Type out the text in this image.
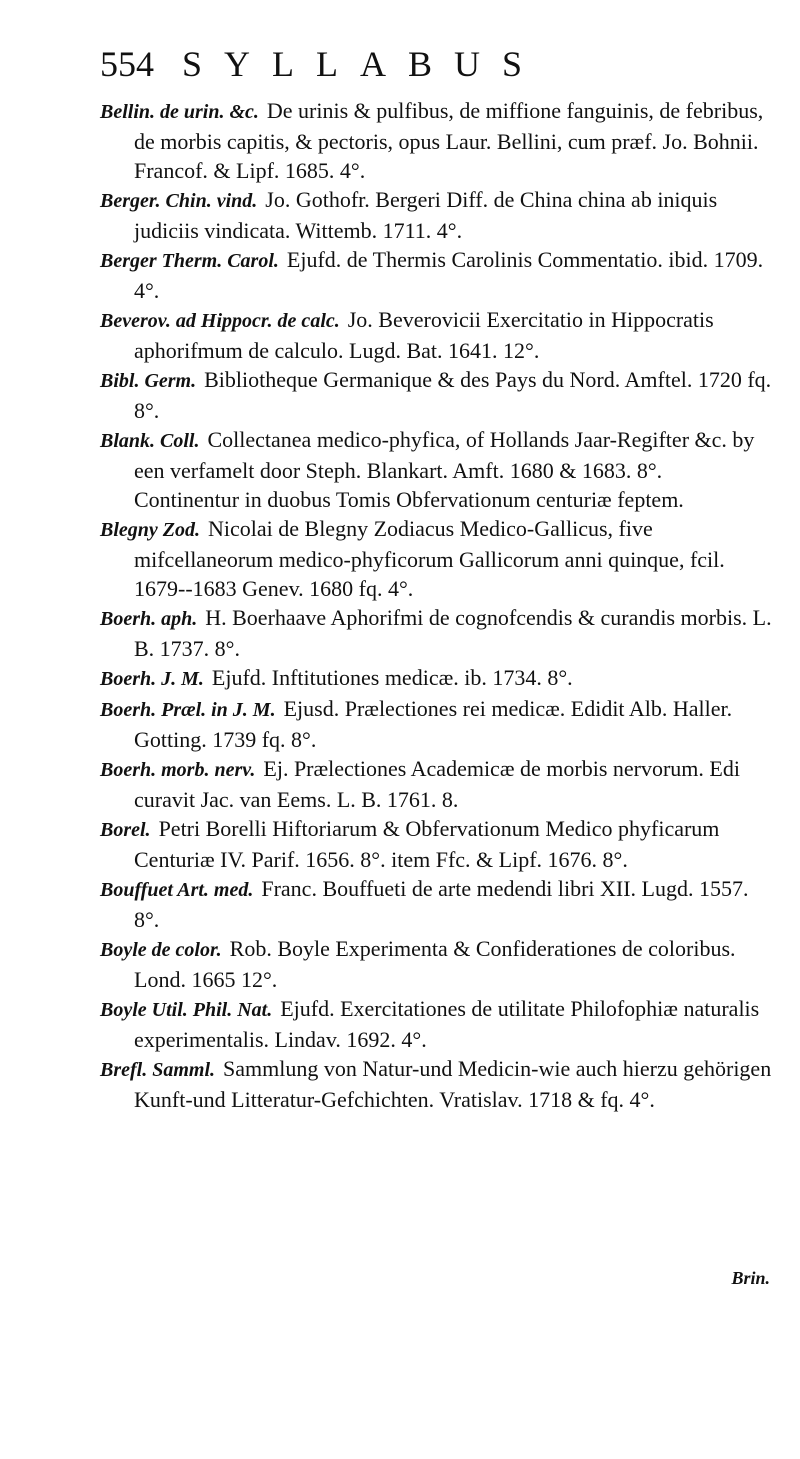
554 SYLLABUS
Bellin. de urin. &c. De urinis & pulfibus, de miffione fanguinis, de febribus, de morbis capitis, & pectoris, opus Laur. Bellini, cum præf. Jo. Bohnii. Francof. & Lipf. 1685. 4°.
Berger. Chin. vind. Jo. Gothofr. Bergeri Diff. de China china ab iniquis judiciis vindicata. Wittemb. 1711. 4°.
Berger Therm. Carol. Ejufd. de Thermis Carolinis Commentatio. ibid. 1709. 4°.
Beverov. ad Hippocr. de calc. Jo. Beverovicii Exercitatio in Hippocratis aphorifmum de calculo. Lugd. Bat. 1641. 12°.
Bibl. Germ. Bibliotheque Germanique & des Pays du Nord. Amftel. 1720 fq. 8°.
Blank. Coll. Collectanea medico-phyfica, of Hollands Jaar-Regifter &c. by een verfamelt door Steph. Blankart. Amft. 1680 & 1683. 8°. Continentur in duobus Tomis Obfervationum centuriæ feptem.
Blegny Zod. Nicolai de Blegny Zodiacus Medico-Gallicus, five mifcellaneorum medico-phyficorum Gallicorum anni quinque, fcil. 1679--1683 Genev. 1680 fq. 4°.
Boerh. aph. H. Boerhaave Aphorifmi de cognofcendis & curandis morbis. L. B. 1737. 8°.
Boerh. J. M. Ejufd. Inftitutiones medicæ. ib. 1734. 8°.
Boerh. Præl. in J. M. Ejusd. Prælectiones rei medicæ. Edidit Alb. Haller. Gotting. 1739 fq. 8°.
Boerh. morb. nerv. Ej. Prælectiones Academicæ de morbis nervorum. Edi curavit Jac. van Eems. L. B. 1761. 8.
Borel. Petri Borelli Hiftoriarum & Obfervationum Medico phyficarum Centuriæ IV. Parif. 1656. 8°. item Ffc. & Lipf. 1676. 8°.
Bouffuet Art. med. Franc. Bouffueti de arte medendi libri XII. Lugd. 1557. 8°.
Boyle de color. Rob. Boyle Experimenta & Confiderationes de coloribus. Lond. 1665 12°.
Boyle Util. Phil. Nat. Ejufd. Exercitationes de utilitate Philofophiæ naturalis experimentalis. Lindav. 1692. 4°.
Brefl. Samml. Sammlung von Natur-und Medicin-wie auch hierzu gehörigen Kunft-und Litteratur-Gefchichten. Vratislav. 1718 & fq. 4°.
Brin.
